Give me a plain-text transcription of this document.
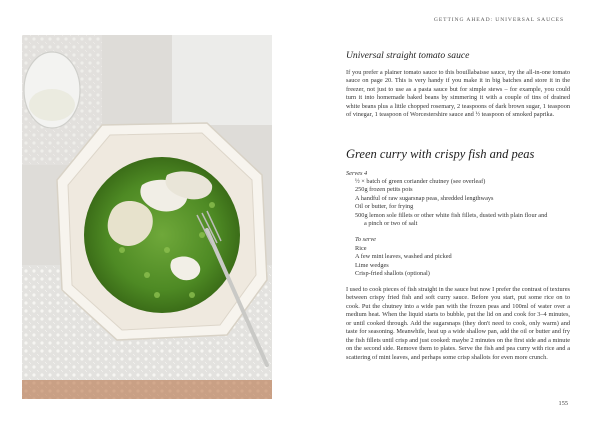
GETTING AHEAD: UNIVERSAL SAUCES
Universal straight tomato sauce
If you prefer a plainer tomato sauce to this bouillabaisse sauce, try the all-in-one tomato sauce on page 20. This is very handy if you make it in big batches and store it in the freezer, not just to use as a pasta sauce but for simple stews – for example, you could turn it into homemade baked beans by simmering it with a couple of tins of drained white beans plus a little chopped rosemary, 2 teaspoons of dark brown sugar, 1 teaspoon of vinegar, 1 teaspoon of Worcestershire sauce and ½ teaspoon of smoked paprika.
Green curry with crispy fish and peas
Serves 4
½ × batch of green coriander chutney (see overleaf)
250g frozen petits pois
A handful of raw sugarsnap peas, shredded lengthways
Oil or butter, for frying
500g lemon sole fillets or other white fish fillets, dusted with plain flour and
a pinch or two of salt
To serve
Rice
A few mint leaves, washed and picked
Lime wedges
Crisp-fried shallots (optional)
I used to cook pieces of fish straight in the sauce but now I prefer the contrast of textures between crispy fried fish and soft curry sauce. Before you start, put some rice on to cook. Put the chutney into a wide pan with the frozen peas and 100ml of water over a medium heat. When the liquid starts to bubble, put the lid on and cook for 3–4 minutes, or until cooked through. Add the sugarsnaps (they don't need to cook, only warm) and taste for seasoning. Meanwhile, heat up a wide shallow pan, add the oil or butter and fry the fish fillets until crisp and just cooked: maybe 2 minutes on the first side and a minute on the second side. Remove them to plates. Serve the fish and pea curry with rice and a scattering of mint leaves, and perhaps some crisp shallots for even more crunch.
155
